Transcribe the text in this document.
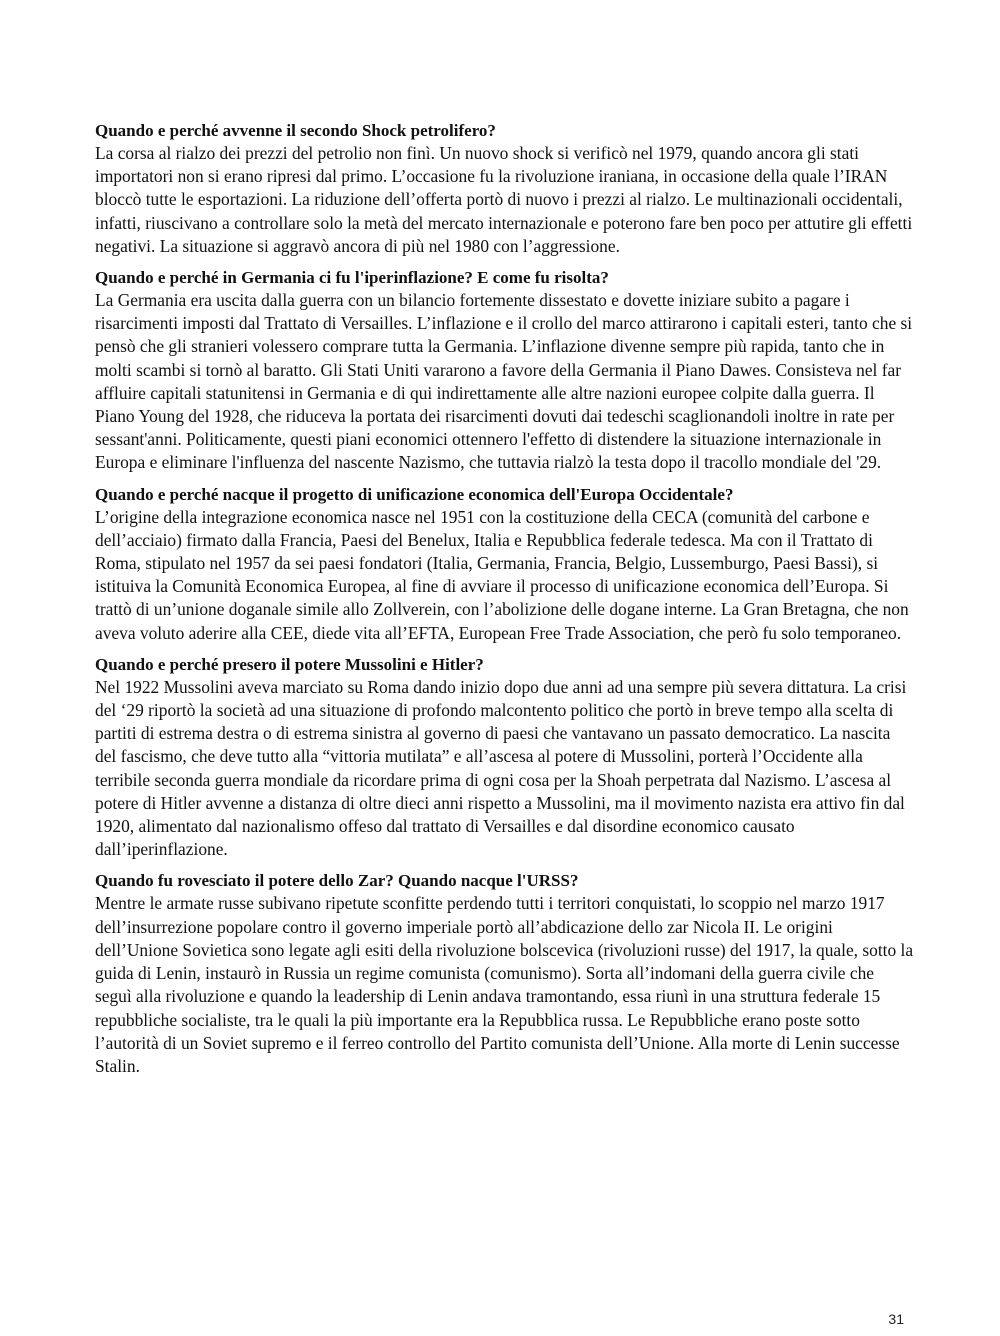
Quando e perché avvenne il secondo Shock petrolifero?

La corsa al rialzo dei prezzi del petrolio non finì. Un nuovo shock si verificò nel 1979, quando ancora gli stati importatori non si erano ripresi dal primo. L’occasione fu la rivoluzione iraniana, in occasione della quale l’IRAN bloccò tutte le esportazioni. La riduzione dell’offerta portò di nuovo i prezzi al rialzo. Le multinazionali occidentali, infatti, riuscivano a controllare solo la metà del mercato internazionale e poterono fare ben poco per attutire gli effetti negativi. La situazione si aggravò ancora di più nel 1980 con l’aggressione.

Quando e perché in Germania ci fu l'iperinflazione? E come fu risolta?

La Germania era uscita dalla guerra con un bilancio fortemente dissestato e dovette iniziare subito a pagare i risarcimenti imposti dal Trattato di Versailles. L’inflazione e il crollo del marco attirarono i capitali esteri, tanto che si pensò che gli stranieri volessero comprare tutta la Germania. L’inflazione divenne sempre più rapida, tanto che in molti scambi si tornò al baratto. Gli Stati Uniti vararono a favore della Germania il Piano Dawes. Consisteva nel far affluire capitali statunitensi in Germania e di qui indirettamente alle altre nazioni europee colpite dalla guerra. Il Piano Young del 1928, che riduceva la portata dei risarcimenti dovuti dai tedeschi scaglionandoli inoltre in rate per sessant'anni. Politicamente, questi piani economici ottennero l'effetto di distendere la situazione internazionale in Europa e eliminare l'influenza del nascente Nazismo, che tuttavia rialzò la testa dopo il tracollo mondiale del '29.

Quando e perché nacque il progetto di unificazione economica dell'Europa Occidentale?

L’origine della integrazione economica nasce nel 1951 con la costituzione della CECA (comunità del carbone e dell’acciaio) firmato dalla Francia, Paesi del Benelux, Italia e Repubblica federale tedesca. Ma con il Trattato di Roma, stipulato nel 1957 da sei paesi fondatori (Italia, Germania, Francia, Belgio, Lussemburgo, Paesi Bassi), si istituiva la Comunità Economica Europea, al fine di avviare il processo di unificazione economica dell’Europa. Si trattò di un’unione doganale simile allo Zollverein, con l’abolizione delle dogane interne. La Gran Bretagna, che non aveva voluto aderire alla CEE, diede vita all’EFTA, European Free Trade Association, che però fu solo temporaneo.

Quando e perché presero il potere Mussolini e Hitler?

Nel 1922 Mussolini aveva marciato su Roma dando inizio dopo due anni ad una sempre più severa dittatura. La crisi del ‘29 riportò la società ad una situazione di profondo malcontento politico che portò in breve tempo alla scelta di partiti di estrema destra o di estrema sinistra al governo di paesi che vantavano un passato democratico. La nascita del fascismo, che deve tutto alla “vittoria mutilata” e all’ascesa al potere di Mussolini, porterà l’Occidente alla terribile seconda guerra mondiale da ricordare prima di ogni cosa per la Shoah perpetrata dal Nazismo. L’ascesa al potere di Hitler avvenne a distanza di oltre dieci anni rispetto a Mussolini, ma il movimento nazista era attivo fin dal 1920, alimentato dal nazionalismo offeso dal trattato di Versailles e dal disordine economico causato dall’iperinflazione.

Quando fu rovesciato il potere dello Zar? Quando nacque l'URSS?

Mentre le armate russe subivano ripetute sconfitte perdendo tutti i territori conquistati, lo scoppio nel marzo 1917 dell’insurrezione popolare contro il governo imperiale portò all’abdicazione dello zar Nicola II. Le origini dell’Unione Sovietica sono legate agli esiti della rivoluzione bolscevica (rivoluzioni russe) del 1917, la quale, sotto la guida di Lenin, instaurò in Russia un regime comunista (comunismo). Sorta all’indomani della guerra civile che seguì alla rivoluzione e quando la leadership di Lenin andava tramontando, essa riunì in una struttura federale 15 repubbliche socialiste, tra le quali la più importante era la Repubblica russa. Le Repubbliche erano poste sotto l’autorità di un Soviet supremo e il ferreo controllo del Partito comunista dell’Unione. Alla morte di Lenin successe Stalin.

31
